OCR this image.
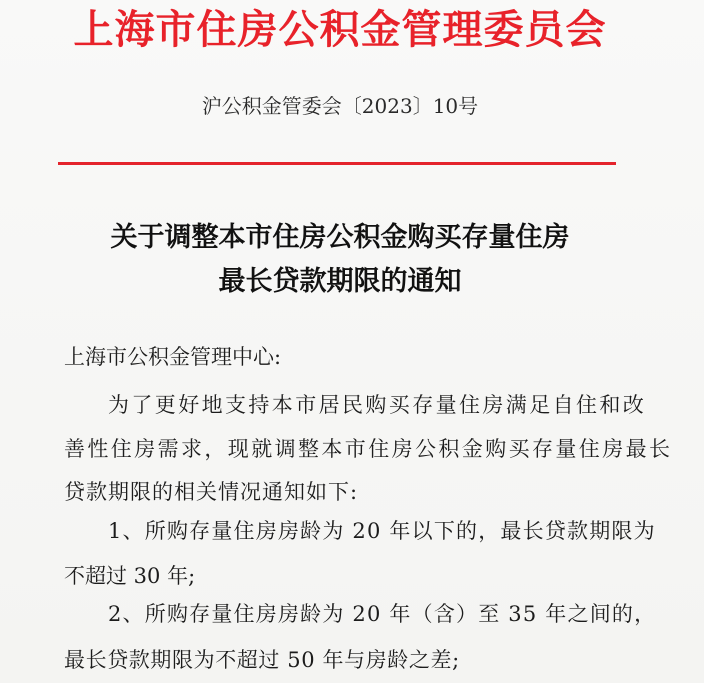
上海市住房公积金管理委员会
沪公积金管委会〔2023〕10号
关于调整本市住房公积金购买存量住房
最长贷款期限的通知
上海市公积金管理中心:
为了更好地支持本市居民购买存量住房满足自住和改
善性住房需求，现就调整本市住房公积金购买存量住房最长
贷款期限的相关情况通知如下:
1、所购存量住房房龄为 20 年以下的，最长贷款期限为
不超过 30 年;
2、所购存量住房房龄为 20 年（含）至 35 年之间的，
最长贷款期限为不超过 50 年与房龄之差;
